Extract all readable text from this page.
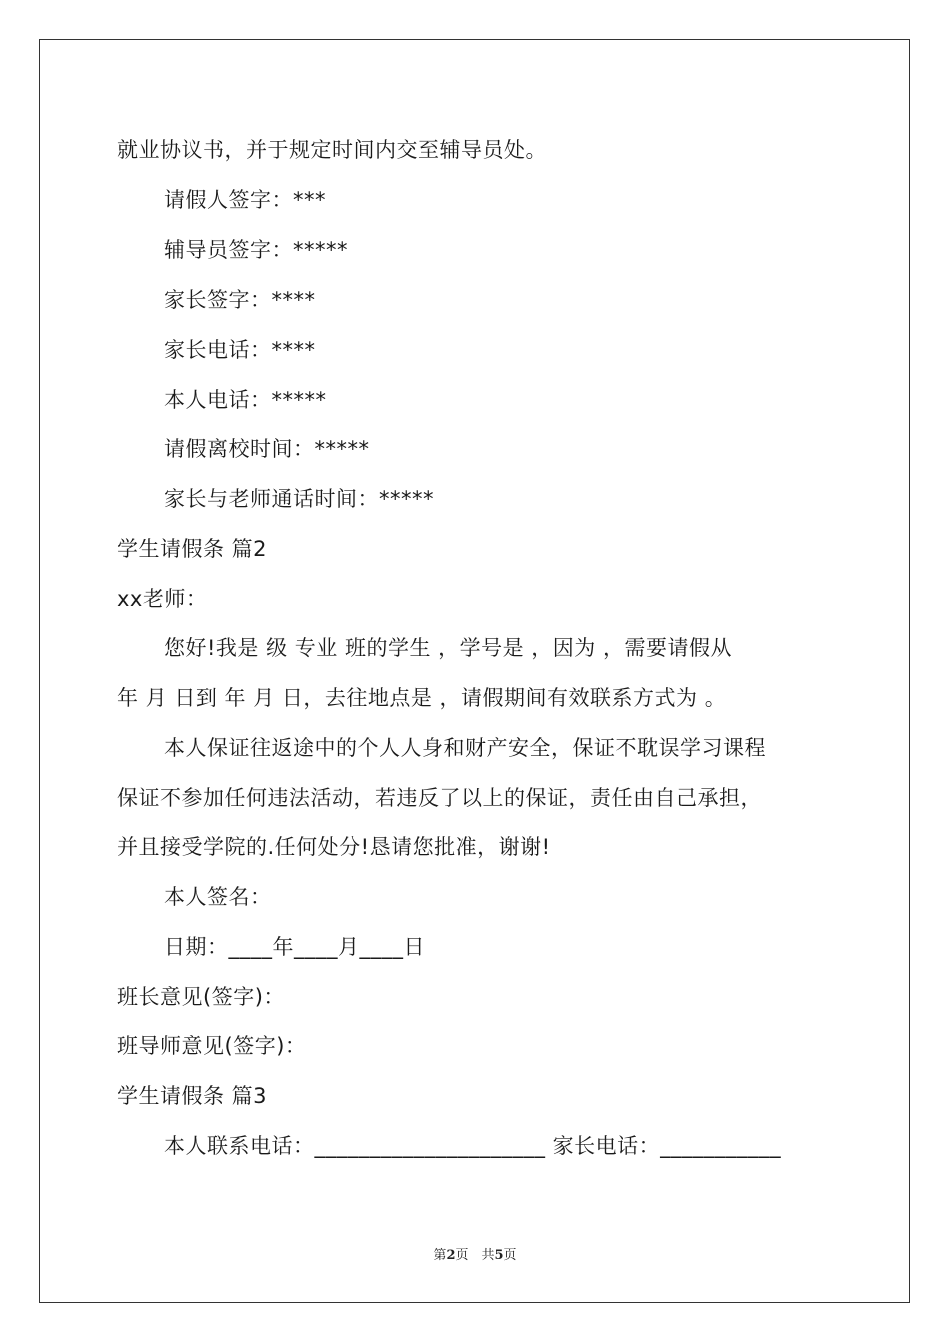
就业协议书，并于规定时间内交至辅导员处。
请假人签字：***
辅导员签字：*****
家长签字：****
家长电话：****
本人电话：*****
请假离校时间：*****
家长与老师通话时间：*****
学生请假条 篇2
xx老师：
您好!我是 级 专业 班的学生 ，学号是 ，因为 ，需要请假从
年 月 日到 年 月 日，去往地点是 ，请假期间有效联系方式为 。
本人保证往返途中的个人人身和财产安全，保证不耽误学习课程
保证不参加任何违法活动，若违反了以上的保证，责任由自己承担，
并且接受学院的.任何处分!恳请您批准，谢谢!
本人签名：
日期：____年____月____日
班长意见(签字)：
班导师意见(签字)：
学生请假条 篇3
本人联系电话：_____________________ 家长电话：___________
第2页　共5页
